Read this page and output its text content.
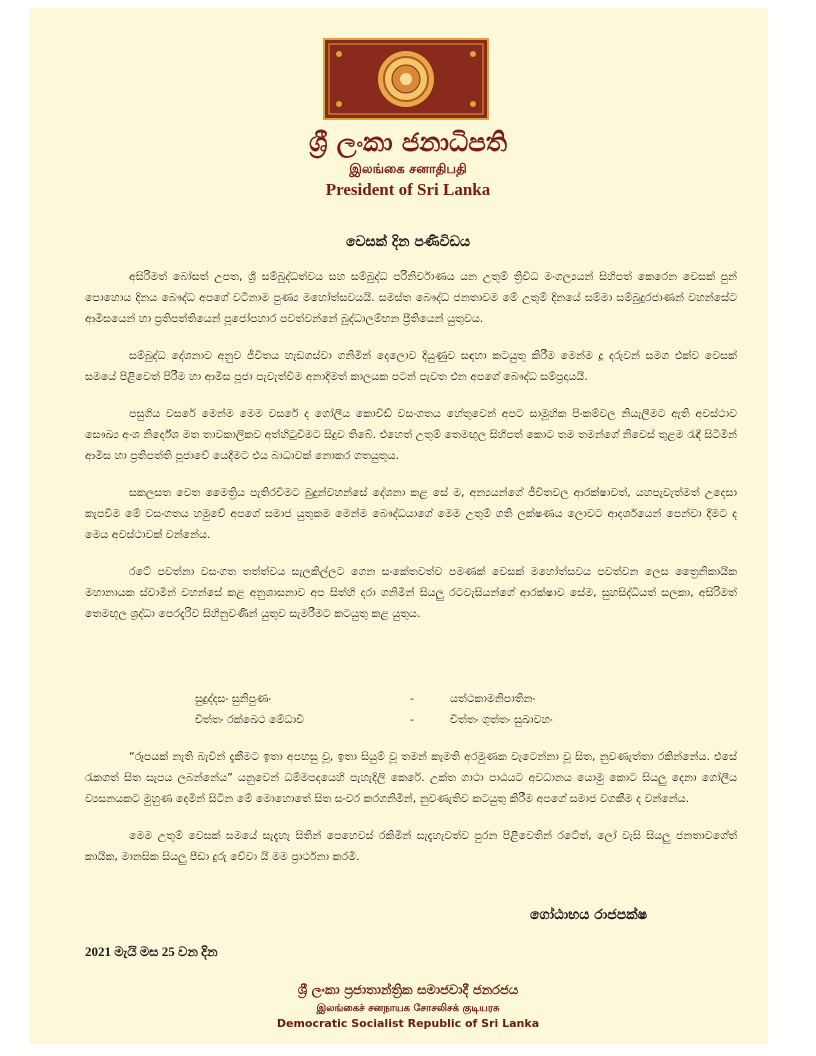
ශ්‍රී ලංකා ජනාධිපති
இலங்கை சனாதிபதி
President of Sri Lanka
වෙසක් දින පණිවිඩය

අසිරිමත් බෝසත් උපත, ශ්‍රී සම්බුද්ධත්වය සහ සම්බුද්ධ පරිනිර්වාණය යන උතුම් ත්‍රිවිධ මංගල්‍යයන් සිහිපත් කෙරෙන වෙසක් පුන් පොහොය දිනය බෞද්ධ අපගේ වටිනාම පුණ්‍ය මහෝත්සවයයි. සමස්ත බෞද්ධ ජනතාවම මේ උතුම් දිනයේ සම්මා සම්බුදුරජාණන් වහන්සේට ආමිසයෙන් හා ප්‍රතිපත්තියෙන් පූජෝපහාර පවත්වන්නේ බුද්ධාලම්භන ප්‍රීතියෙන් යුතුවය.

සම්බුද්ධ දේශනාව අනුව ජීවිතය හැඩගස්වා ගනිමින් දෙලොව දියුණුව සඳහා කටයුතු කිරීම මෙන්ම දූ දරුවන් සමග එක්ව වෙසක් සමයේ පිළිවෙත් පිරීම හා ආමිස පූජා පැවැත්වීම අනාදිමත් කාලයක පටන් පැවත එන අපගේ බෞද්ධ සම්ප්‍රදායයි.

පසුගිය වසරේ මෙන්ම මෙම වසරේ ද ගෝලීය කොවිඩ් වසංගතය හේතුවෙන් අපට සාමූහික පිංකම්වල නියැලීමට ඇති අවස්ථාව සෞඛ්‍ය අංශ නිර්දේශ මත තාවකාලිකව අත්හිටුවීමට සිදුව තිබේ. එහෙත් උතුම් තෙමඟුල සිහිපත් කොට තම තමන්ගේ නිවෙස් තුළම රැඳී සිටිමින් ආමිස හා ප්‍රතිපත්ති පූජාවේ යෙදීමට එය බාධාවක් නොකර ගතයුතුය.

සකලසත වෙත මෛත්‍රිය පැතිරවීමට බුදුන්වහන්සේ දේශනා කළ සේ ම, අන්‍යයන්ගේ ජීවිතවල ආරක්ෂාවත්, යහපැවැත්මත් උදෙසා කැපවීම මේ වසංගතය හමුවේ අපගේ සමාජ යුතුකම මෙන්ම බෞද්ධයාගේ මෙම උතුම් ගති ලක්ෂණය ලොවට ආදර්ශයෙන් පෙන්වා දීමට ද මෙය අවස්ථාවක් වන්නේය.

රටේ පවත්නා වසංගත තත්ත්වය සැලකිල්ලට ගෙන සංකේතවත්ව පමණක් වෙසක් මහෝත්සවය පවත්වන ලෙස ත්‍රෛනිකායික මහානායක ස්වාමීන් වහන්සේ කළ අනුශාසනාව අප සිත්හි දරා ගනිමින් සියලු රටවැසියන්ගේ ආරක්ෂාව සේම, සුහසිද්ධියත් සලකා, අසිරිමත් තෙමඟුල ශ්‍රද්ධා පෙරදැරිව සිහිනුවණින් යුතුව සැමරීමට කටයුතු කළ යුතුය.

සුදුද්දසං සුනිපුණං	-	යත්ථකාමනිපාතිනං
චිත්තං රක්ඛෙථ මේධාවී	-	චිත්තං ගුත්තං සුඛාවහං

“රූපයක් නැති බැවින් දැකීමට ඉතා අපහසු වූ, ඉතා සියුම් වූ තමන් කැමති අරමුණක වැටෙන්නා වූ සිත, නුවණැත්තා රකින්නේය. එසේ රැකගත් සිත සැපය ලබන්නේය” යනුවෙන් ධම්මපදයෙහි පැහැදිලි කෙරේ. උක්ත ගාථා පාඨයට අවධානය යොමු කොට සියලු දෙනා ගෝලීය ව්‍යසනයකට මුහුණ දෙමින් සිටින මේ මොහොතේ සිත සංවර කරගනිමින්, නුවණැතිව කටයුතු කිරීම අපගේ සමාජ වගකීම ද වන්නේය.

මෙම උතුම් වෙසක් සමයේ සැදැහැ සිතින් පෙහෙවස් රකිමින් සැදැහැවත්ව පුරන පිළිවෙතින් රටේත්, ලෝ වැසි සියලු ජනතාවගේත් කායික, මානසික සියලු පීඩා දුරු වේවා යි මම ප්‍රාර්ථනා කරමි.

ගෝඨාභය රාජපක්ෂ
2021 මැයි මස 25 වන දින
ශ්‍රී ලංකා ප්‍රජාතාන්ත්‍රික සමාජවාදී ජනරජය
இலங்கைச் சனநாயக சோசலிசக் குடியரசு
Democratic Socialist Republic of Sri Lanka
